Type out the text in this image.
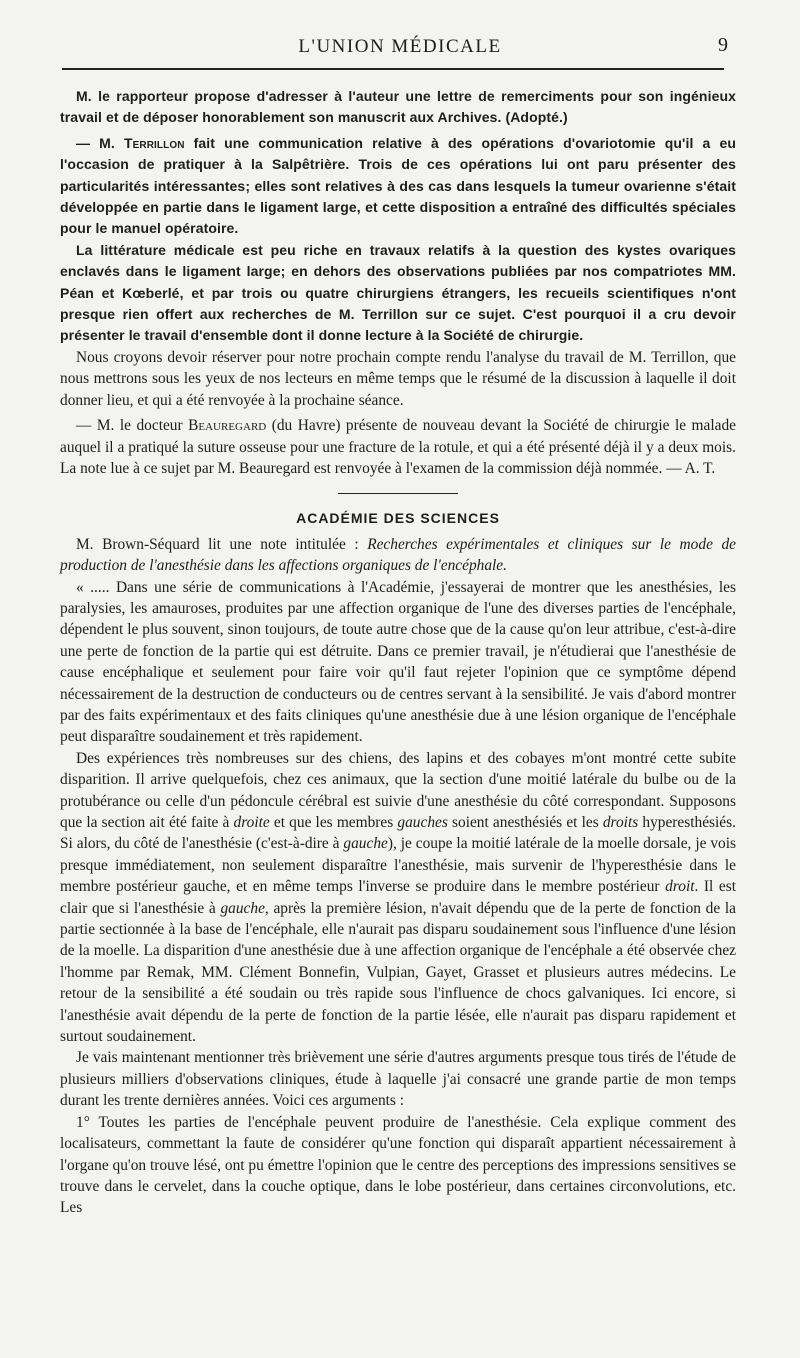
L'UNION MÉDICALE	9

M. le rapporteur propose d'adresser à l'auteur une lettre de remerciments pour son ingénieux travail et de déposer honorablement son manuscrit aux Archives. (Adopté.)

— M. Terrillon fait une communication relative à des opérations d'ovariotomie qu'il a eu l'occasion de pratiquer à la Salpêtrière. Trois de ces opérations lui ont paru présenter des particularités intéressantes; elles sont relatives à des cas dans lesquels la tumeur ovarienne s'était développée en partie dans le ligament large, et cette disposition a entraîné des difficultés spéciales pour le manuel opératoire.

La littérature médicale est peu riche en travaux relatifs à la question des kystes ovariques enclavés dans le ligament large; en dehors des observations publiées par nos compatriotes MM. Péan et Kœberlé, et par trois ou quatre chirurgiens étrangers, les recueils scientifiques n'ont presque rien offert aux recherches de M. Terrillon sur ce sujet. C'est pourquoi il a cru devoir présenter le travail d'ensemble dont il donne lecture à la Société de chirurgie.

Nous croyons devoir réserver pour notre prochain compte rendu l'analyse du travail de M. Terrillon, que nous mettrons sous les yeux de nos lecteurs en même temps que le résumé de la discussion à laquelle il doit donner lieu, et qui a été renvoyée à la prochaine séance.

— M. le docteur Beauregard (du Havre) présente de nouveau devant la Société de chirurgie le malade auquel il a pratiqué la suture osseuse pour une fracture de la rotule, et qui a été présenté déjà il y a deux mois. La note lue à ce sujet par M. Beauregard est renvoyée à l'examen de la commission déjà nommée. — A. T.

ACADÉMIE DES SCIENCES

M. Brown-Séquard lit une note intitulée : Recherches expérimentales et cliniques sur le mode de production de l'anesthésie dans les affections organiques de l'encéphale.

« ..... Dans une série de communications à l'Académie, j'essayerai de montrer que les anesthésies, les paralysies, les amauroses, produites par une affection organique de l'une des diverses parties de l'encéphale, dépendent le plus souvent, sinon toujours, de toute autre chose que de la cause qu'on leur attribue, c'est-à-dire une perte de fonction de la partie qui est détruite. Dans ce premier travail, je n'étudierai que l'anesthésie de cause encéphalique et seulement pour faire voir qu'il faut rejeter l'opinion que ce symptôme dépend nécessairement de la destruction de conducteurs ou de centres servant à la sensibilité. Je vais d'abord montrer par des faits expérimentaux et des faits cliniques qu'une anesthésie due à une lésion organique de l'encéphale peut disparaître soudainement et très rapidement.

Des expériences très nombreuses sur des chiens, des lapins et des cobayes m'ont montré cette subite disparition. Il arrive quelquefois, chez ces animaux, que la section d'une moitié latérale du bulbe ou de la protubérance ou celle d'un pédoncule cérébral est suivie d'une anesthésie du côté correspondant. Supposons que la section ait été faite à droite et que les membres gauches soient anesthésiés et les droits hyperesthésiés. Si alors, du côté de l'anesthésie (c'est-à-dire à gauche), je coupe la moitié latérale de la moelle dorsale, je vois presque immédiatement, non seulement disparaître l'anesthésie, mais survenir de l'hyperesthésie dans le membre postérieur gauche, et en même temps l'inverse se produire dans le membre postérieur droit. Il est clair que si l'anesthésie à gauche, après la première lésion, n'avait dépendu que de la perte de fonction de la partie sectionnée à la base de l'encéphale, elle n'aurait pas disparu soudainement sous l'influence d'une lésion de la moelle. La disparition d'une anesthésie due à une affection organique de l'encéphale a été observée chez l'homme par Remak, MM. Clément Bonnefin, Vulpian, Gayet, Grasset et plusieurs autres médecins. Le retour de la sensibilité a été soudain ou très rapide sous l'influence de chocs galvaniques. Ici encore, si l'anesthésie avait dépendu de la perte de fonction de la partie lésée, elle n'aurait pas disparu rapidement et surtout soudainement.

Je vais maintenant mentionner très brièvement une série d'autres arguments presque tous tirés de l'étude de plusieurs milliers d'observations cliniques, étude à laquelle j'ai consacré une grande partie de mon temps durant les trente dernières années. Voici ces arguments :

1° Toutes les parties de l'encéphale peuvent produire de l'anesthésie. Cela explique comment des localisateurs, commettant la faute de considérer qu'une fonction qui disparaît appartient nécessairement à l'organe qu'on trouve lésé, ont pu émettre l'opinion que le centre des perceptions des impressions sensitives se trouve dans le cervelet, dans la couche optique, dans le lobe postérieur, dans certaines circonvolutions, etc. Les
